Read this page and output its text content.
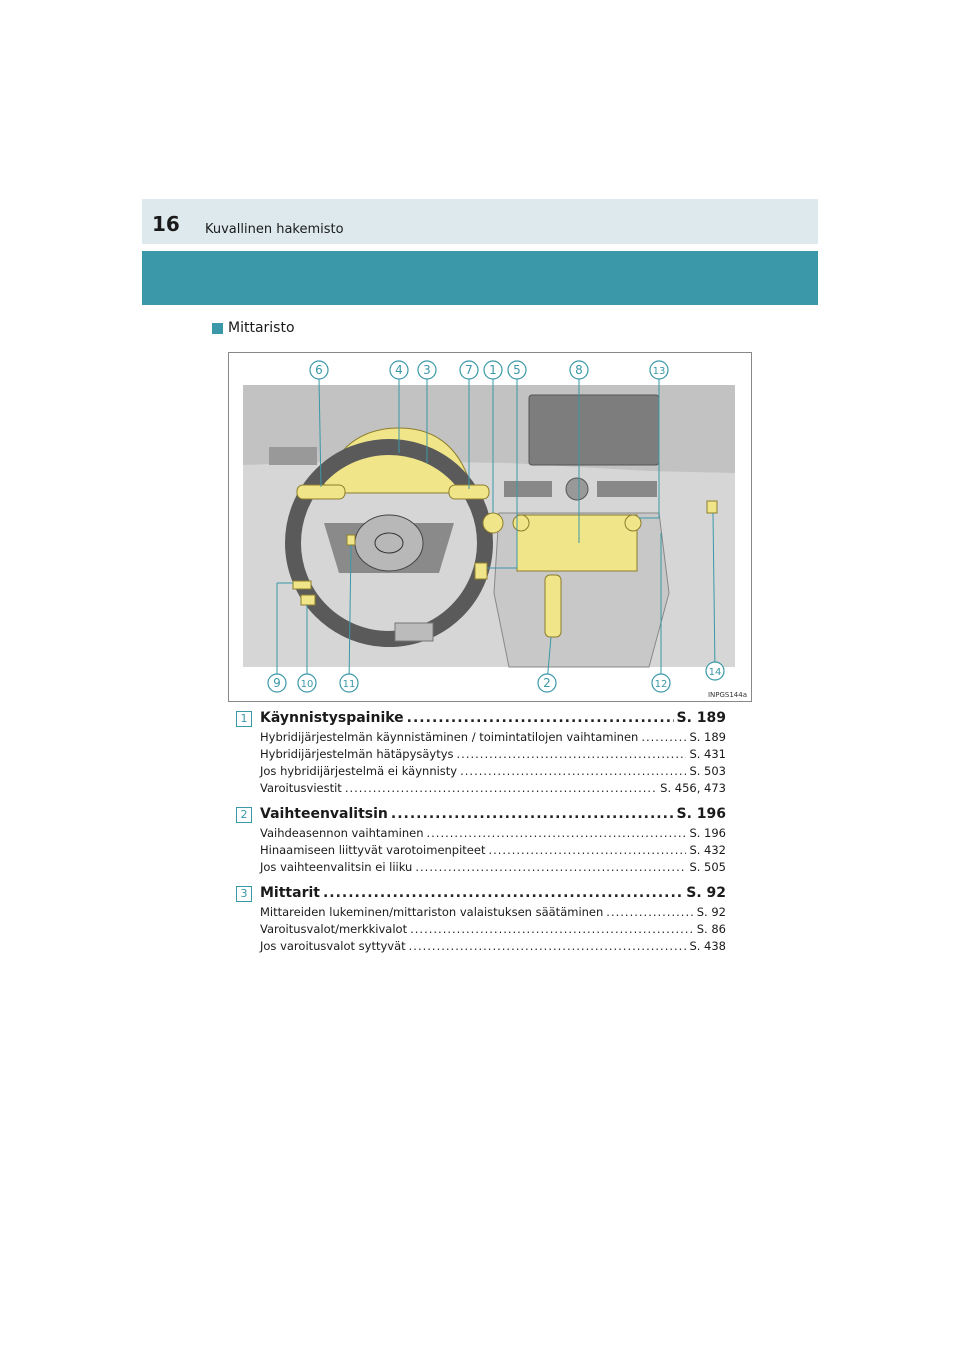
16 Kuvallinen hakemisto
Mittaristo
6	4 3	7 1 5	8	13
9 10	11	2	12
14
INPGS144a
1 Käynnistyspainike .....	S. 189
Hybridijärjestelmän käynnistäminen / toimintatilojen vaihtaminen .....	S. 189
Hybridijärjestelmän hätäpysäytys .....	S. 431
Jos hybridijärjestelmä ei käynnisty .....	S. 503
Varoitusviestit .....	S. 456, 473
2 Vaihteenvalitsin .....	S. 196
Vaihdeasennon vaihtaminen .....	S. 196
Hinaamiseen liittyvät varotoimenpiteet .....	S. 432
Jos vaihteenvalitsin ei liiku .....	S. 505
3 Mittarit .....	S. 92
Mittareiden lukeminen/mittariston valaistuksen säätäminen .....	S. 92
Varoitusvalot/merkkivalot .....	S. 86
Jos varoitusvalot syttyvät .....	S. 438
